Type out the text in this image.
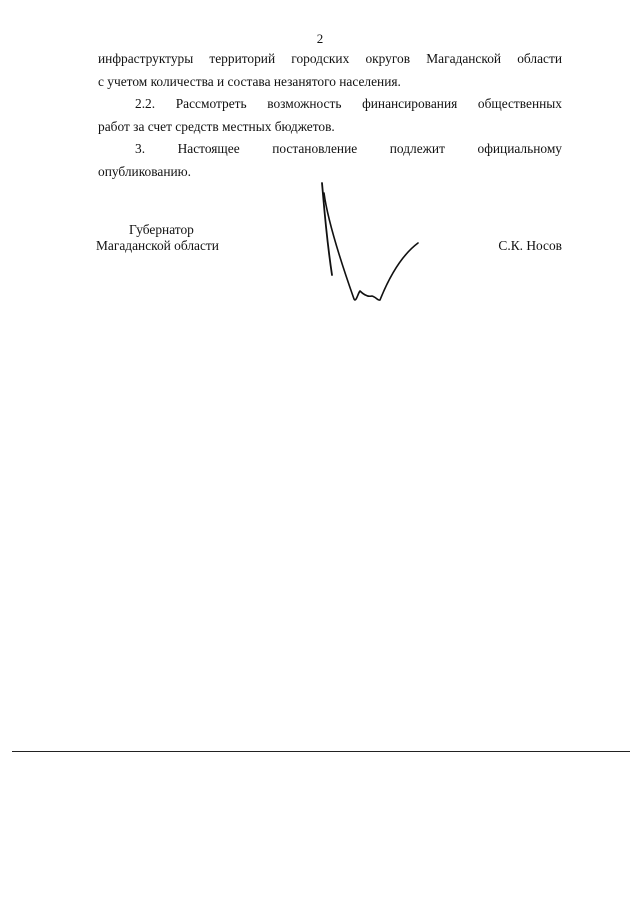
2

инфраструктуры территорий городских округов Магаданской области

с учетом количества и состава незанятого населения.

2.2. Рассмотреть возможность финансирования общественных

работ за счет средств местных бюджетов.

3. Настоящее постановление подлежит официальному

опубликованию.

Губернатор
Магаданской области	С.К. Носов
